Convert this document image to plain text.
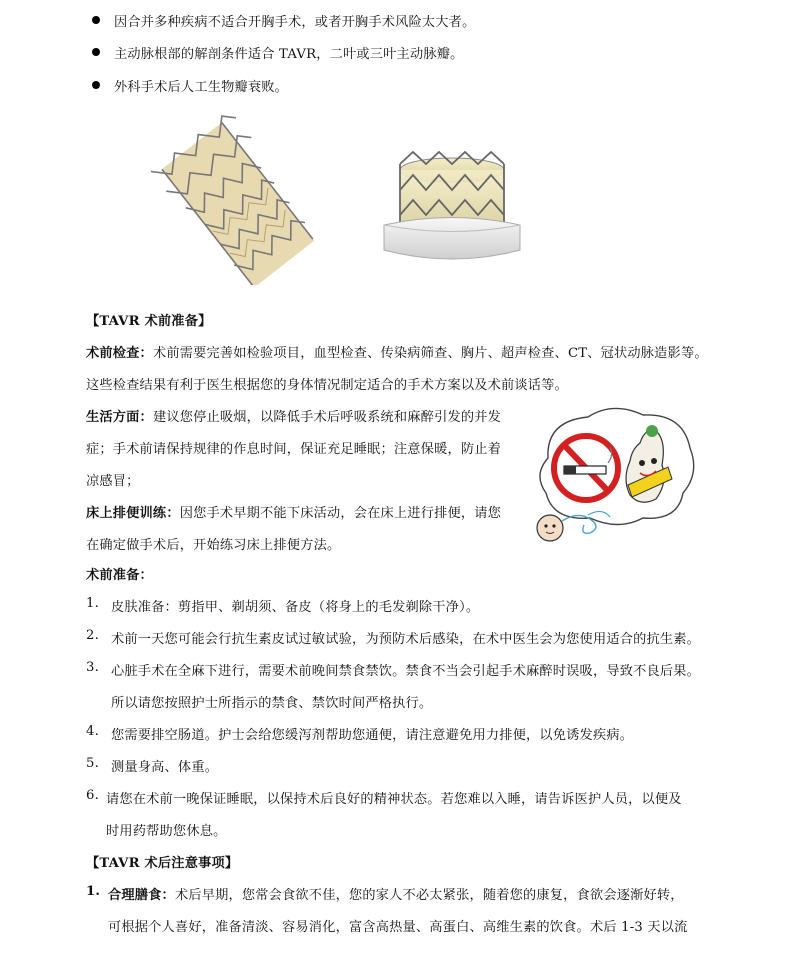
因合并多种疾病不适合开胸手术，或者开胸手术风险太大者。
主动脉根部的解剖条件适合 TAVR，二叶或三叶主动脉瓣。
外科手术后人工生物瓣衰败。
【TAVR 术前准备】
术前检查：术前需要完善如检验项目，血型检查、传染病筛查、胸片、超声检查、CT、冠状动脉造影等。
这些检查结果有利于医生根据您的身体情况制定适合的手术方案以及术前谈话等。
生活方面：建议您停止吸烟，以降低手术后呼吸系统和麻醉引发的并发
症；手术前请保持规律的作息时间，保证充足睡眠；注意保暖，防止着
凉感冒；
床上排便训练：因您手术早期不能下床活动，会在床上进行排便，请您
在确定做手术后，开始练习床上排便方法。
术前准备：
1. 皮肤准备：剪指甲、剃胡须、备皮（将身上的毛发剃除干净）。
2. 术前一天您可能会行抗生素皮试过敏试验，为预防术后感染，在术中医生会为您使用适合的抗生素。
3. 心脏手术在全麻下进行，需要术前晚间禁食禁饮。禁食不当会引起手术麻醉时误吸，导致不良后果。
所以请您按照护士所指示的禁食、禁饮时间严格执行。
4. 您需要排空肠道。护士会给您缓泻剂帮助您通便，请注意避免用力排便，以免诱发疾病。
5. 测量身高、体重。
6. 请您在术前一晚保证睡眠，以保持术后良好的精神状态。若您难以入睡，请告诉医护人员，以便及
时用药帮助您休息。
【TAVR 术后注意事项】
1. 合理膳食：术后早期，您常会食欲不佳，您的家人不必太紧张，随着您的康复，食欲会逐渐好转，
可根据个人喜好，准备清淡、容易消化，富含高热量、高蛋白、高维生素的饮食。术后 1-3 天以流
